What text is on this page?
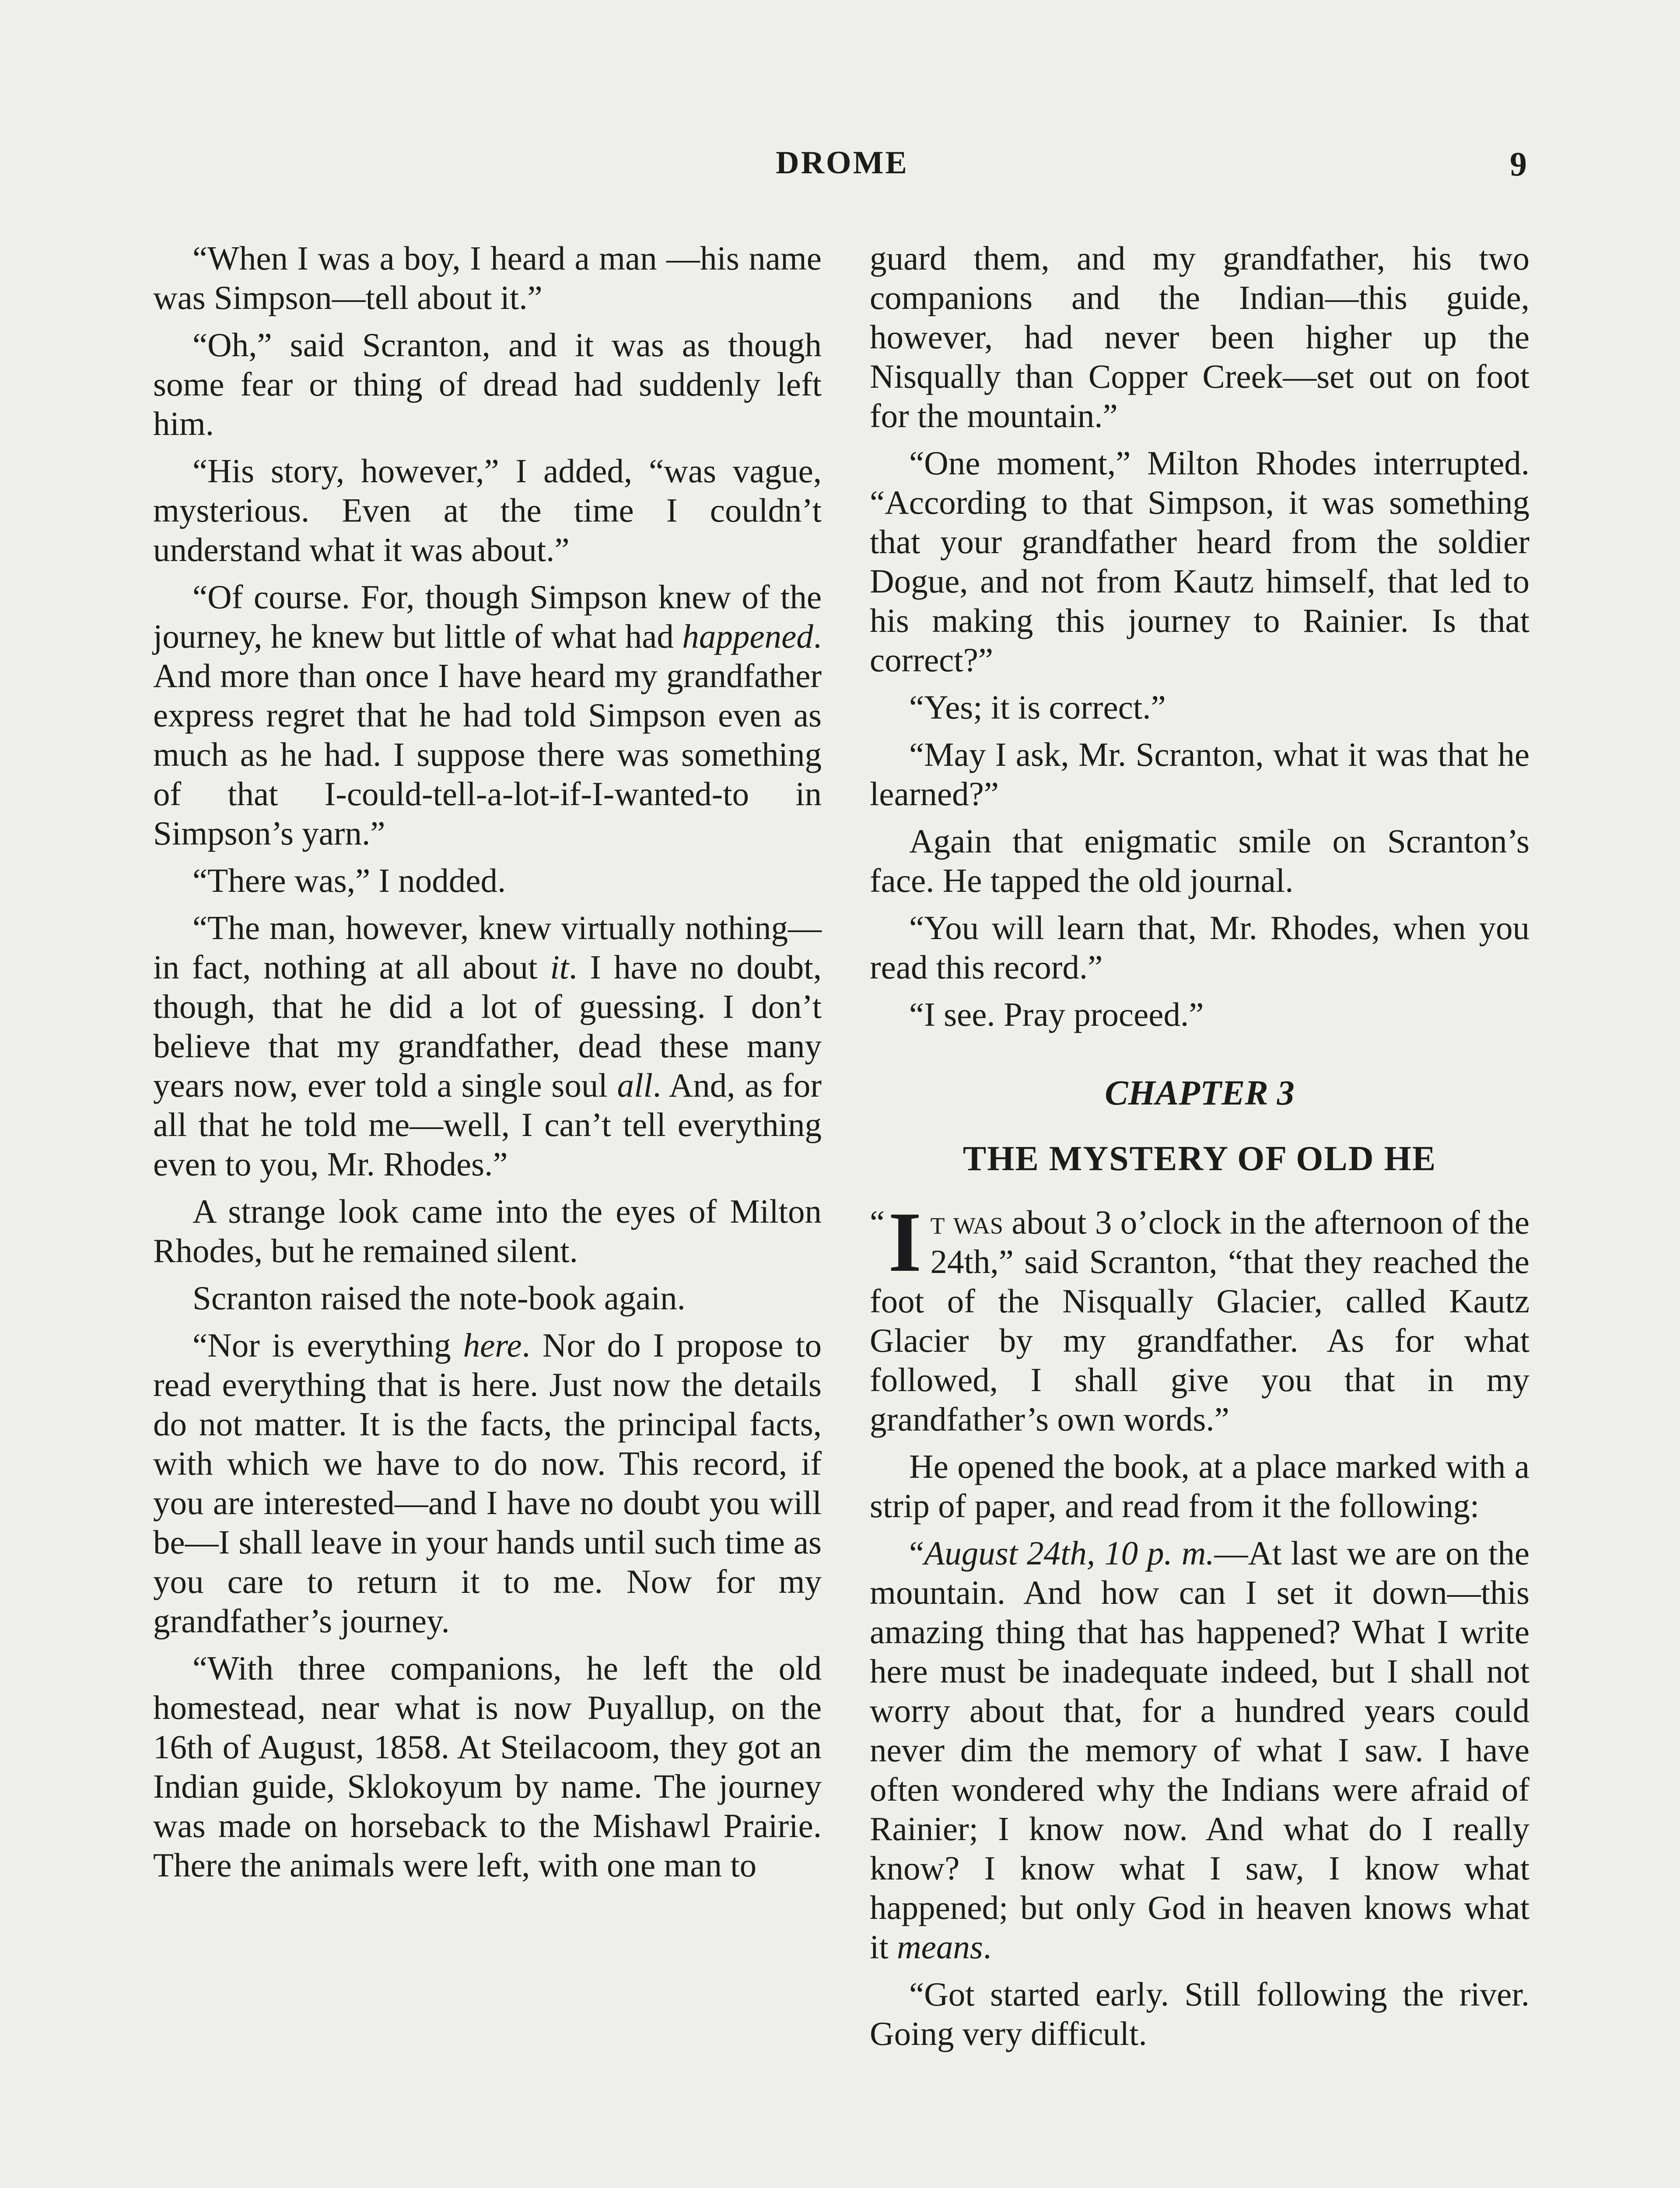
DROME	9

“When I was a boy, I heard a man —his name was Simpson—tell about it.”

“Oh,” said Scranton, and it was as though some fear or thing of dread had suddenly left him.

“His story, however,” I added, “was vague, mysterious. Even at the time I couldn’t understand what it was about.”

“Of course. For, though Simpson knew of the journey, he knew but little of what had happened. And more than once I have heard my grandfather express regret that he had told Simpson even as much as he had. I suppose there was something of that I-could-tell-a-lot-if-I-wanted-to in Simpson’s yarn.”

“There was,” I nodded.

“The man, however, knew virtually nothing—in fact, nothing at all about it. I have no doubt, though, that he did a lot of guessing. I don’t believe that my grandfather, dead these many years now, ever told a single soul all. And, as for all that he told me—well, I can’t tell everything even to you, Mr. Rhodes.”

A strange look came into the eyes of Milton Rhodes, but he remained silent.

Scranton raised the note-book again.

“Nor is everything here. Nor do I propose to read everything that is here. Just now the details do not matter. It is the facts, the principal facts, with which we have to do now. This record, if you are interested—and I have no doubt you will be—I shall leave in your hands until such time as you care to return it to me. Now for my grandfather’s journey.

“With three companions, he left the old homestead, near what is now Puyallup, on the 16th of August, 1858. At Steilacoom, they got an Indian guide, Sklokoyum by name. The journey was made on horseback to the Mishawl Prairie. There the animals were left, with one man to

guard them, and my grandfather, his two companions and the Indian—this guide, however, had never been higher up the Nisqually than Copper Creek—set out on foot for the mountain.”

“One moment,” Milton Rhodes interrupted. “According to that Simpson, it was something that your grandfather heard from the soldier Dogue, and not from Kautz himself, that led to his making this journey to Rainier. Is that correct?”

“Yes; it is correct.”

“May I ask, Mr. Scranton, what it was that he learned?”

Again that enigmatic smile on Scranton’s face. He tapped the old journal.

“You will learn that, Mr. Rhodes, when you read this record.”

“I see. Pray proceed.”

CHAPTER 3
THE MYSTERY OF OLD HE

“ I t was about 3 o’clock in the afternoon of the 24th,” said Scranton, “that they reached the foot of the Nisqually Glacier, called Kautz Glacier by my grandfather. As for what followed, I shall give you that in my grandfather’s own words.”

He opened the book, at a place marked with a strip of paper, and read from it the following:

“August 24th, 10 p. m.—At last we are on the mountain. And how can I set it down—this amazing thing that has happened? What I write here must be inadequate indeed, but I shall not worry about that, for a hundred years could never dim the memory of what I saw. I have often wondered why the Indians were afraid of Rainier; I know now. And what do I really know? I know what I saw, I know what happened; but only God in heaven knows what it means.

“Got started early. Still following the river. Going very difficult.
